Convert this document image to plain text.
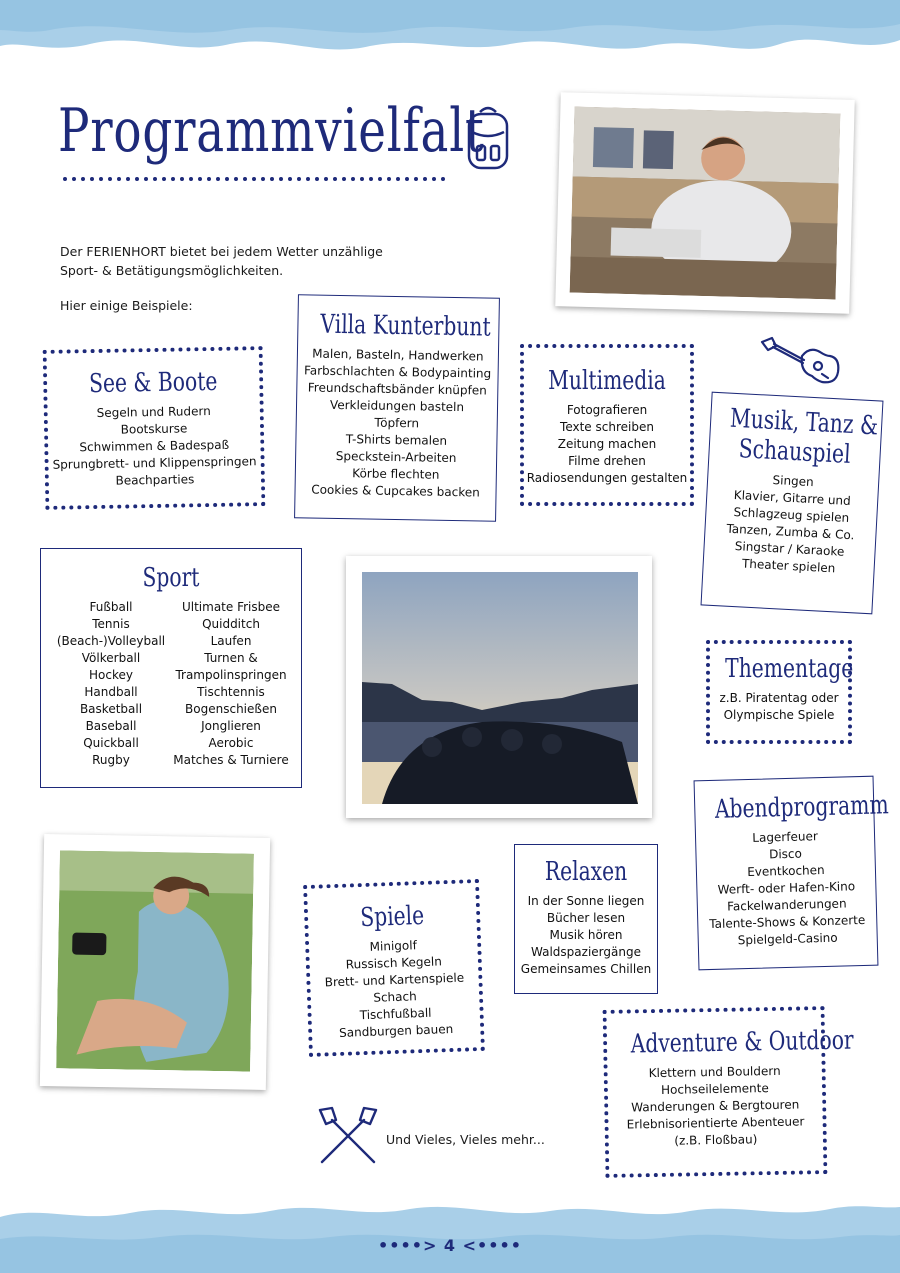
Programmvielfalt
Der FERIENHORT bietet bei jedem Wetter unzählige Sport- & Betätigungsmöglichkeiten.
Hier einige Beispiele:
See & Boote
Segeln und Rudern
Bootskurse
Schwimmen & Badespaß
Sprungbrett- und Klippenspringen
Beachparties
Villa Kunterbunt
Malen, Basteln, Handwerken
Farbschlachten & Bodypainting
Freundschaftsbänder knüpfen
Verkleidungen basteln
Töpfern
T-Shirts bemalen
Speckstein-Arbeiten
Körbe flechten
Cookies & Cupcakes backen
Multimedia
Fotografieren
Texte schreiben
Zeitung machen
Filme drehen
Radiosendungen gestalten
Musik, Tanz &
Schauspiel
Singen
Klavier, Gitarre und
Schlagzeug spielen
Tanzen, Zumba & Co.
Singstar / Karaoke
Theater spielen
Sport
Fußball
Tennis
(Beach-)Volleyball
Völkerball
Hockey
Handball
Basketball
Baseball
Quickball
Rugby
Ultimate Frisbee
Quidditch
Laufen
Turnen &
Trampolinspringen
Tischtennis
Bogenschießen
Jonglieren
Aerobic
Matches & Turniere
Thementage
z.B. Piratentag oder
Olympische Spiele
Abendprogramm
Lagerfeuer
Disco
Eventkochen
Werft- oder Hafen-Kino
Fackelwanderungen
Talente-Shows & Konzerte
Spielgeld-Casino
Spiele
Minigolf
Russisch Kegeln
Brett- und Kartenspiele
Schach
Tischfußball
Sandburgen bauen
Relaxen
In der Sonne liegen
Bücher lesen
Musik hören
Waldspaziergänge
Gemeinsames Chillen
Adventure & Outdoor
Klettern und Bouldern
Hochseilelemente
Wanderungen & Bergtouren
Erlebnisorientierte Abenteuer
(z.B. Floßbau)
Und Vieles, Vieles mehr...
••••> 4 <••••
